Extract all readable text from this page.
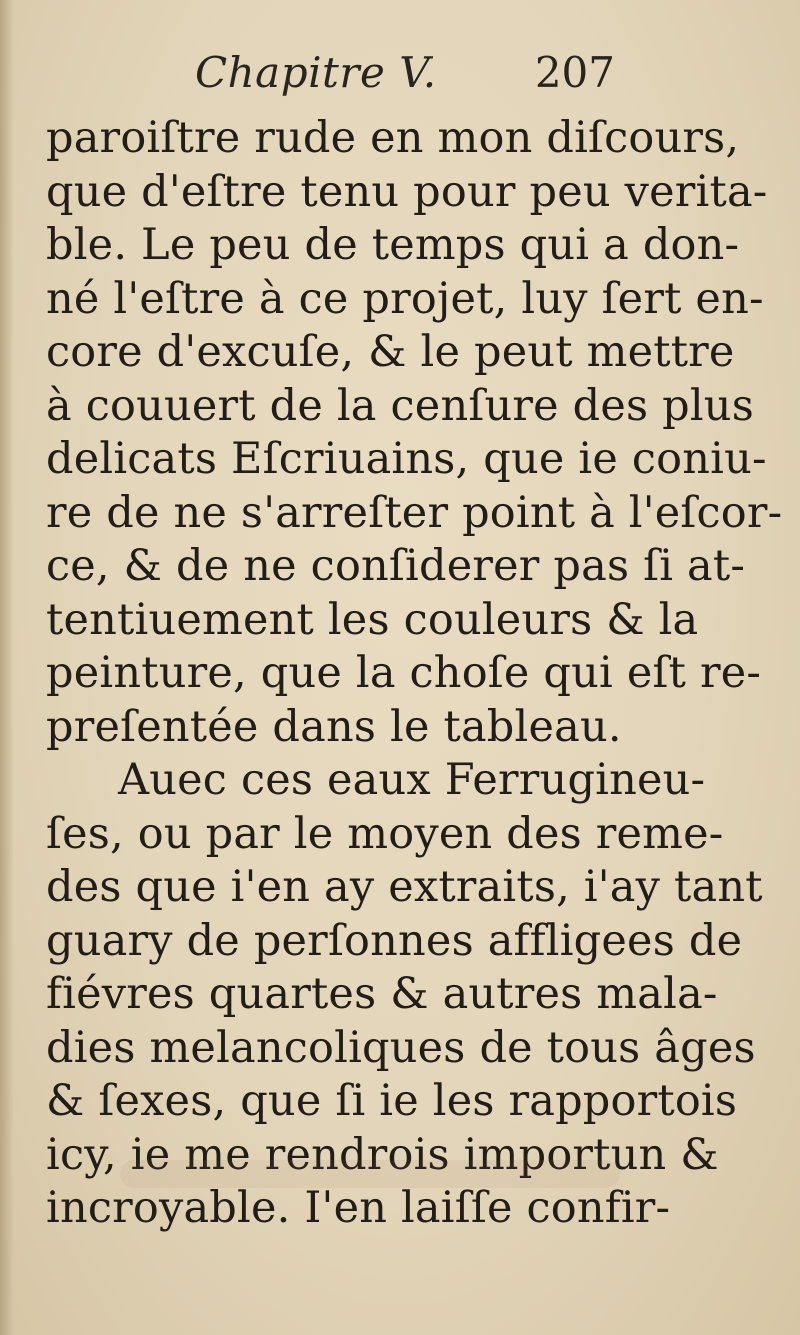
Chapitre V. 207
paroiſtre rude en mon diſcours,
que d'eſtre tenu pour peu verita-
ble. Le peu de temps qui a don-
né l'eſtre à ce projet, luy ſert en-
core d'excuſe, & le peut mettre
à couuert de la cenſure des plus
delicats Eſcriuains, que ie coniu-
re de ne s'arreſter point à l'eſcor-
ce, & de ne conſiderer pas ſi at-
tentiuement les couleurs & la
peinture, que la choſe qui eſt re-
preſentée dans le tableau.
Auec ces eaux Ferrugineu-
ſes, ou par le moyen des reme-
des que i'en ay extraits, i'ay tant
guary de perſonnes affligees de
fiévres quartes & autres mala-
dies melancoliques de tous âges
& ſexes, que ſi ie les rapportois
icy, ie me rendrois importun &
incroyable. I'en laiſſe confir-
